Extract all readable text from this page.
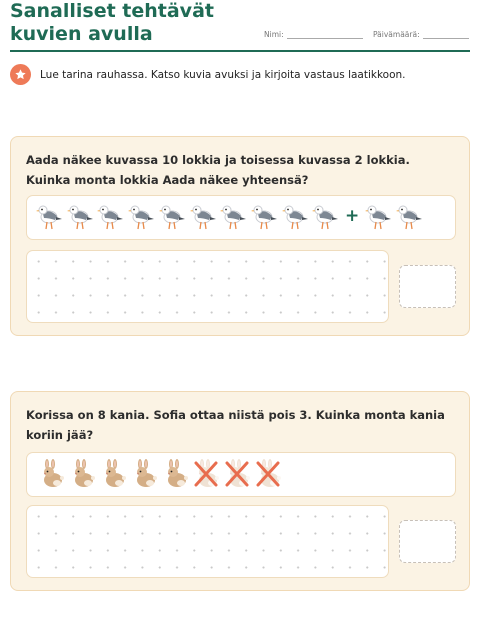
Sanalliset tehtävät kuvien avulla	Nimi:	Päivämäärä:
Lue tarina rauhassa. Katso kuvia avuksi ja kirjoita vastaus laatikkoon.
Aada näkee kuvassa 10 lokkia ja toisessa kuvassa 2 lokkia. Kuinka monta lokkia Aada näkee yhteensä?
+
Korissa on 8 kania. Sofia ottaa niistä pois 3. Kuinka monta kania koriin jää?
